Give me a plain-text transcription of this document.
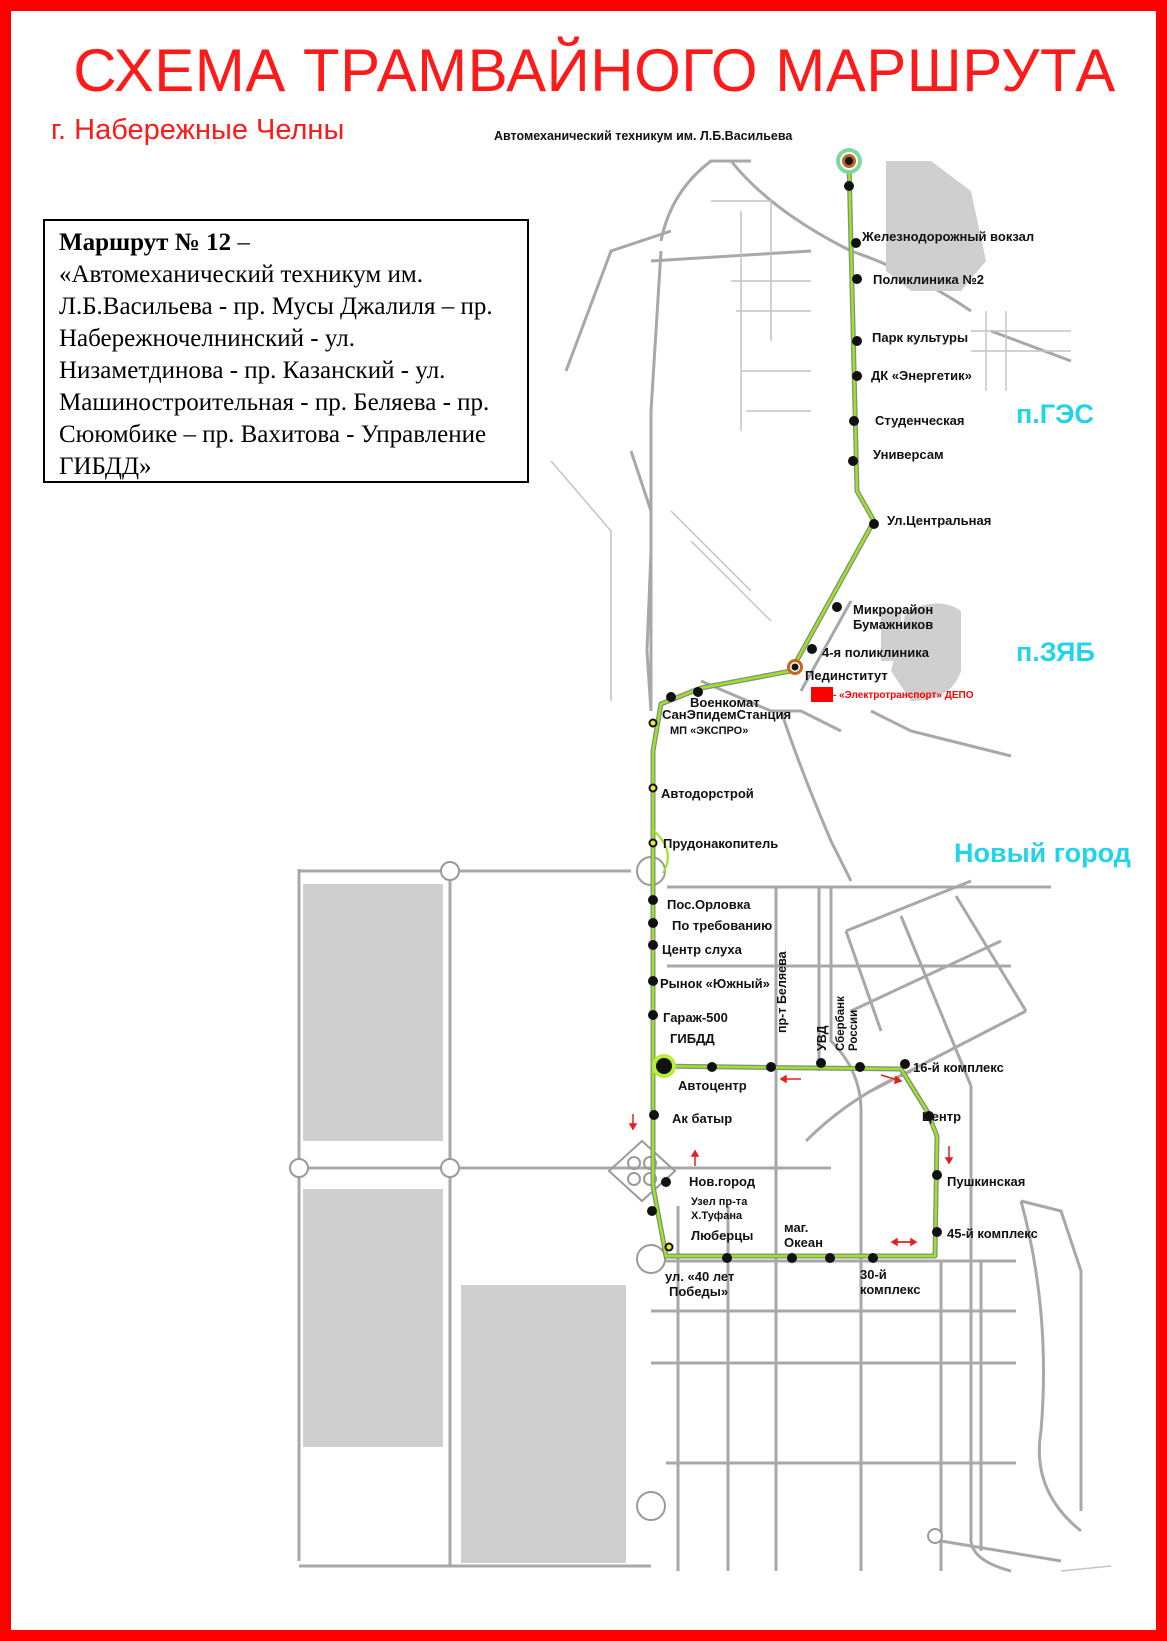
СХЕМА ТРАМВАЙНОГО МАРШРУТА
г. Набережные Челны	Автомеханический техникум им. Л.Б.Васильева
п.ГЭС
п.ЗЯБ
Новый город
- «Электротранспорт» ДЕПО
Железнодорожный вокзал
Поликлиника №2
Парк культуры
ДК «Энергетик»
Студенческая
Универсам
Ул.Центральная
Микрорайон Бумажников
4-я поликлиника
Пединститут
Военкомат
СанЭпидемСтанция
МП «ЭКСПРО»
Автодорстрой
Прудонакопитель
Пос.Орловка
По требованию
Центр слуха
Рынок «Южный»
Гараж-500
ГИБДД
Автоцентр
Ак батыр
Нов.город
Узел пр-та Х.Туфана
Люберцы
ул. «40 лет Победы»
маг. Океан
30-й комплекс
45-й комплекс
Пушкинская
Центр
16-й комплекс
пр-т Беляева
УВД СбербанкРоссии
Маршрут № 12 –
«Автомеханический техникум им. Л.Б.Васильева - пр. Мусы Джалиля – пр. Набережночелнинский - ул. Низаметдинова - пр. Казанский - ул. Машиностроительная - пр. Беляева - пр. Сююмбике – пр. Вахитова - Управление ГИБДД»
